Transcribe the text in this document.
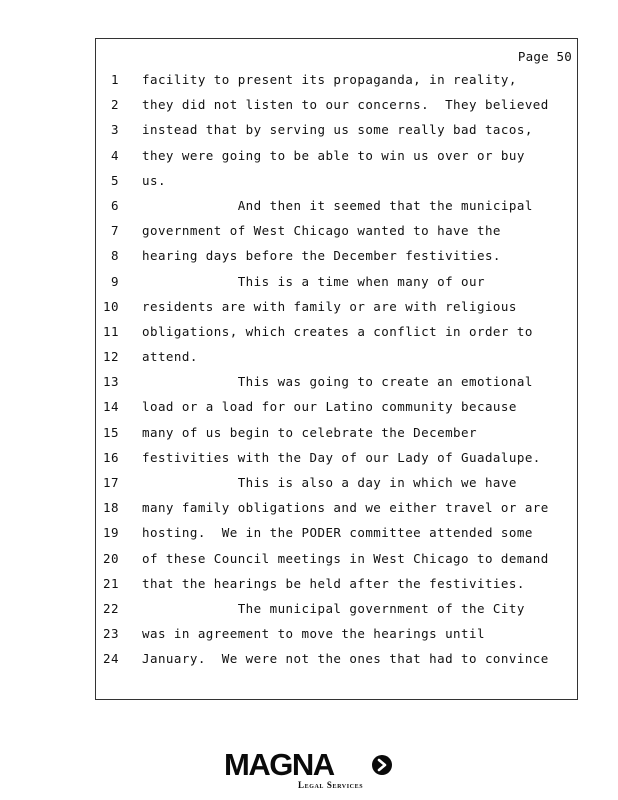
Page 50
1 facility to present its propaganda, in reality,
2 they did not listen to our concerns.  They believed
3 instead that by serving us some really bad tacos,
4 they were going to be able to win us over or buy
5 us.
6 And then it seemed that the municipal
7 government of West Chicago wanted to have the
8 hearing days before the December festivities.
9 This is a time when many of our
10 residents are with family or are with religious
11 obligations, which creates a conflict in order to
12 attend.
13 This was going to create an emotional
14 load or a load for our Latino community because
15 many of us begin to celebrate the December
16 festivities with the Day of our Lady of Guadalupe.
17 This is also a day in which we have
18 many family obligations and we either travel or are
19 hosting.  We in the PODER committee attended some
20 of these Council meetings in West Chicago to demand
21 that the hearings be held after the festivities.
22 The municipal government of the City
23 was in agreement to move the hearings until
24 January.  We were not the ones that had to convince
MAGNA
Legal Services
